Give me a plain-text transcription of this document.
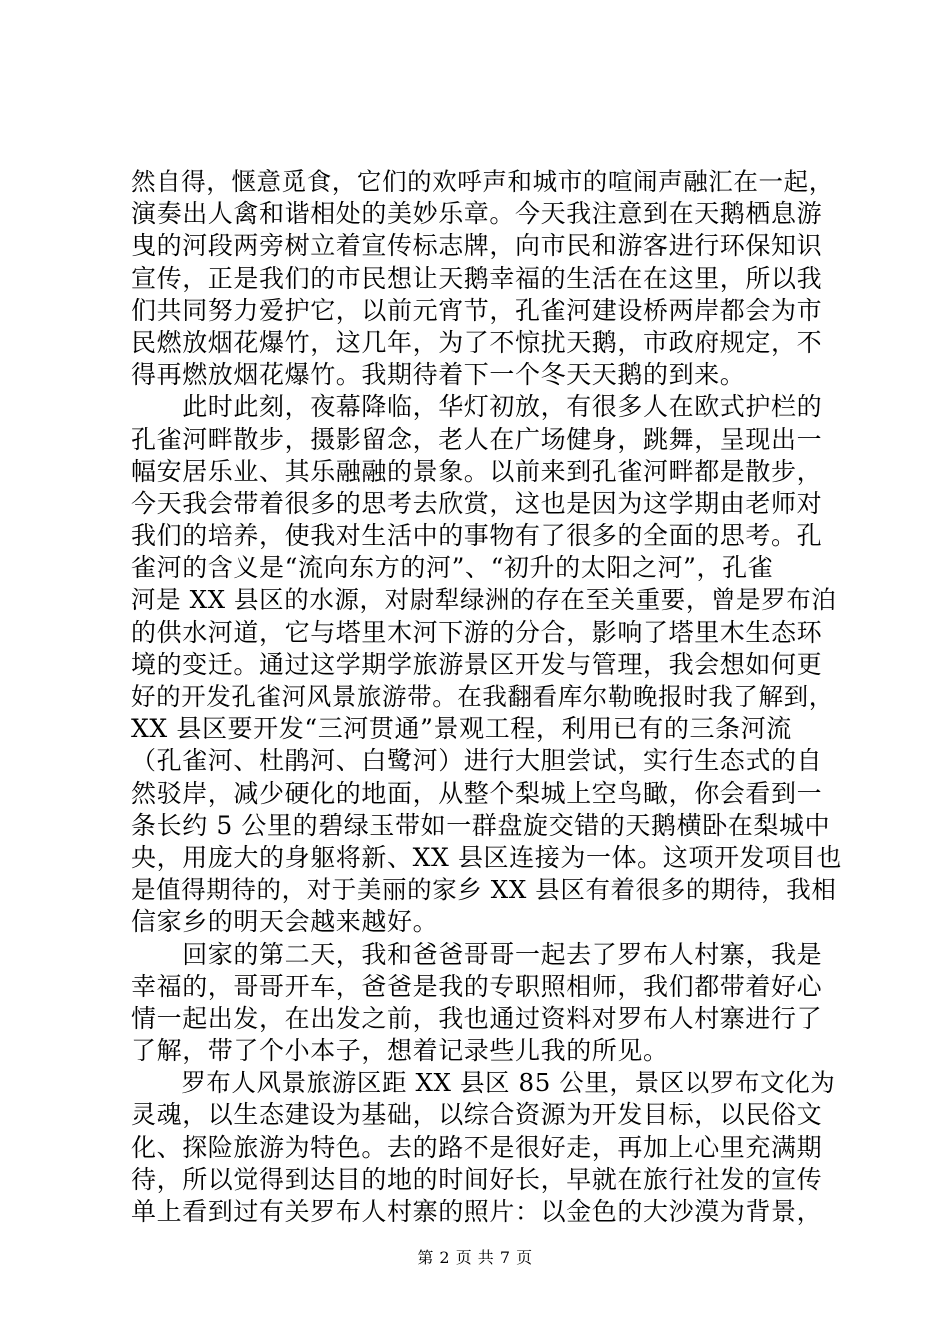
然自得，惬意觅食，它们的欢呼声和城市的喧闹声融汇在一起，
演奏出人禽和谐相处的美妙乐章。今天我注意到在天鹅栖息游
曳的河段两旁树立着宣传标志牌，向市民和游客进行环保知识
宣传，正是我们的市民想让天鹅幸福的生活在在这里，所以我
们共同努力爱护它，以前元宵节，孔雀河建设桥两岸都会为市
民燃放烟花爆竹，这几年，为了不惊扰天鹅，市政府规定，不
得再燃放烟花爆竹。我期待着下一个冬天天鹅的到来。
　　此时此刻，夜幕降临，华灯初放，有很多人在欧式护栏的
孔雀河畔散步，摄影留念，老人在广场健身，跳舞，呈现出一
幅安居乐业、其乐融融的景象。以前来到孔雀河畔都是散步，
今天我会带着很多的思考去欣赏，这也是因为这学期由老师对
我们的培养，使我对生活中的事物有了很多的全面的思考。孔
雀河的含义是“流向东方的河”、“初升的太阳之河”，孔雀
河是 XX 县区的水源，对尉犁绿洲的存在至关重要，曾是罗布泊
的供水河道，它与塔里木河下游的分合，影响了塔里木生态环
境的变迁。通过这学期学旅游景区开发与管理，我会想如何更
好的开发孔雀河风景旅游带。在我翻看库尔勒晚报时我了解到，
XX 县区要开发“三河贯通”景观工程，利用已有的三条河流
（孔雀河、杜鹃河、白鹭河）进行大胆尝试，实行生态式的自
然驳岸，减少硬化的地面，从整个梨城上空鸟瞰，你会看到一
条长约 5 公里的碧绿玉带如一群盘旋交错的天鹅横卧在梨城中
央，用庞大的身躯将新、XX 县区连接为一体。这项开发项目也
是值得期待的，对于美丽的家乡 XX 县区有着很多的期待，我相
信家乡的明天会越来越好。
　　回家的第二天，我和爸爸哥哥一起去了罗布人村寨，我是
幸福的，哥哥开车，爸爸是我的专职照相师，我们都带着好心
情一起出发，在出发之前，我也通过资料对罗布人村寨进行了
了解，带了个小本子，想着记录些儿我的所见。
　　罗布人风景旅游区距 XX 县区 85 公里，景区以罗布文化为
灵魂，以生态建设为基础，以综合资源为开发目标，以民俗文
化、探险旅游为特色。去的路不是很好走，再加上心里充满期
待，所以觉得到达目的地的时间好长，早就在旅行社发的宣传
单上看到过有关罗布人村寨的照片：以金色的大沙漠为背景，
第 2 页 共 7 页
